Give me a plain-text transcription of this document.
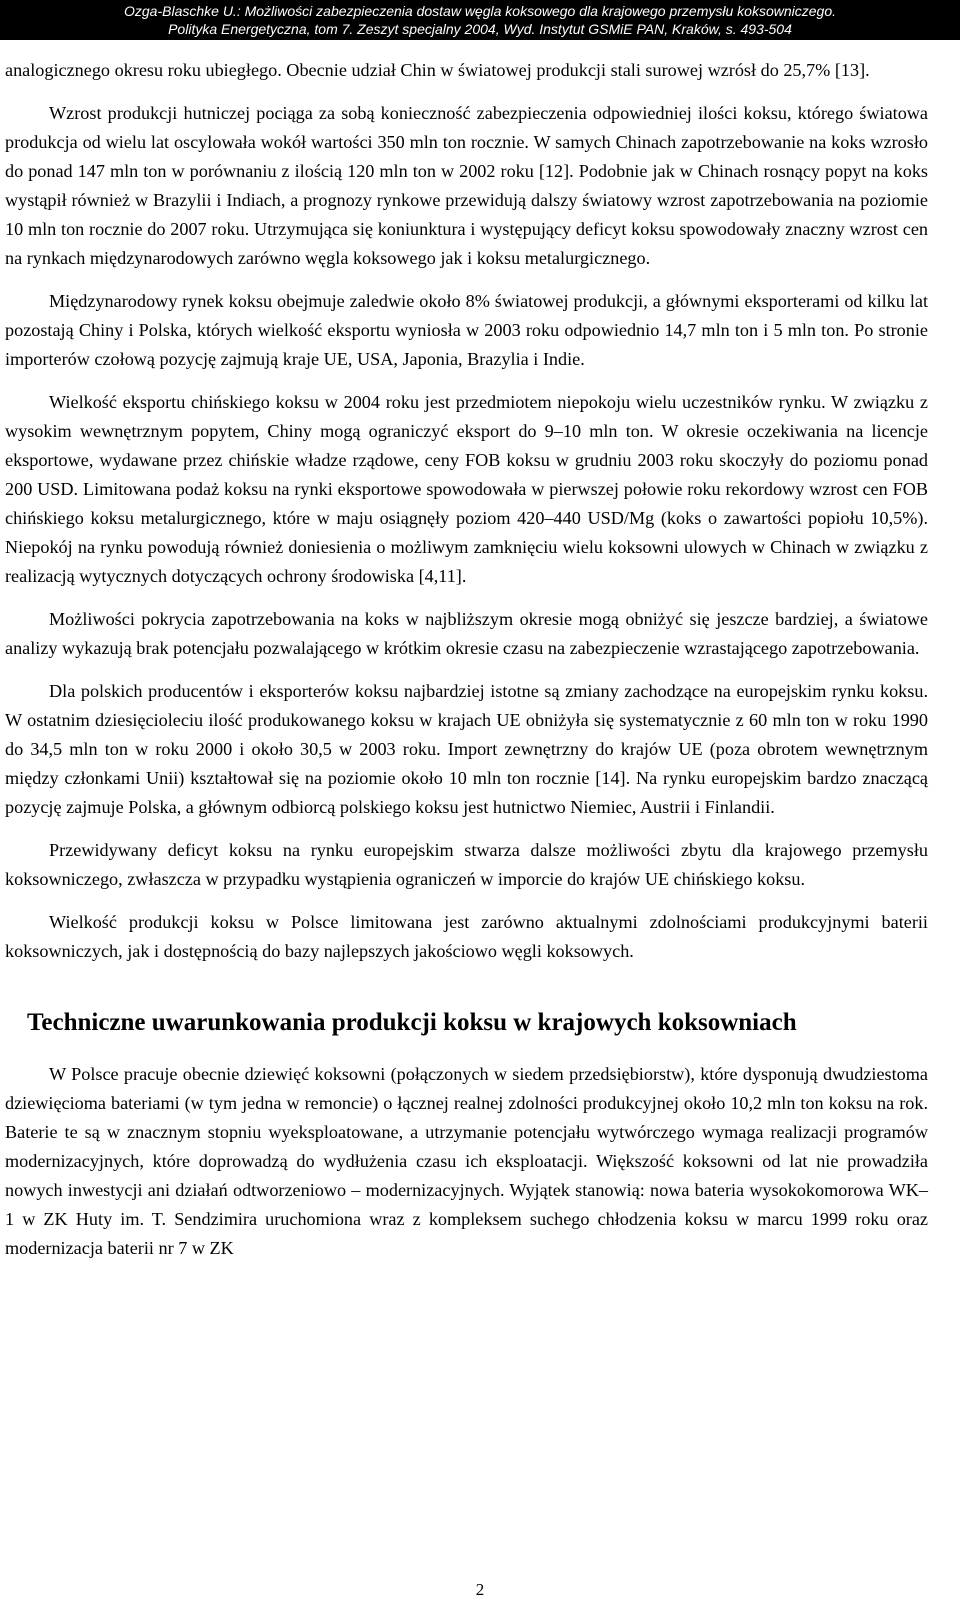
Ozga-Blaschke U.: Możliwości zabezpieczenia dostaw węgla koksowego dla krajowego przemysłu koksowniczego.
Polityka Energetyczna, tom 7. Zeszyt specjalny 2004, Wyd. Instytut GSMiE PAN, Kraków, s. 493-504

analogicznego okresu roku ubiegłego. Obecnie udział Chin w światowej produkcji stali surowej wzrósł do 25,7% [13].

Wzrost produkcji hutniczej pociąga za sobą konieczność zabezpieczenia odpowiedniej ilości koksu, którego światowa produkcja od wielu lat oscylowała wokół wartości 350 mln ton rocznie. W samych Chinach zapotrzebowanie na koks wzrosło do ponad 147 mln ton w porównaniu z ilością 120 mln ton w 2002 roku [12]. Podobnie jak w Chinach rosnący popyt na koks wystąpił również w Brazylii i Indiach, a prognozy rynkowe przewidują dalszy światowy wzrost zapotrzebowania na poziomie 10 mln ton rocznie do 2007 roku. Utrzymująca się koniunktura i występujący deficyt koksu spowodowały znaczny wzrost cen na rynkach międzynarodowych zarówno węgla koksowego jak i koksu metalurgicznego.

Międzynarodowy rynek koksu obejmuje zaledwie około 8% światowej produkcji, a głównymi eksporterami od kilku lat pozostają Chiny i Polska, których wielkość eksportu wyniosła w 2003 roku odpowiednio 14,7 mln ton i 5 mln ton. Po stronie importerów czołową pozycję zajmują kraje UE, USA, Japonia, Brazylia i Indie.

Wielkość eksportu chińskiego koksu w 2004 roku jest przedmiotem niepokoju wielu uczestników rynku. W związku z wysokim wewnętrznym popytem, Chiny mogą ograniczyć eksport do 9–10 mln ton. W okresie oczekiwania na licencje eksportowe, wydawane przez chińskie władze rządowe, ceny FOB koksu w grudniu 2003 roku skoczyły do poziomu ponad 200 USD. Limitowana podaż koksu na rynki eksportowe spowodowała w pierwszej połowie roku rekordowy wzrost cen FOB chińskiego koksu metalurgicznego, które w maju osiągnęły poziom 420–440 USD/Mg (koks o zawartości popiołu 10,5%). Niepokój na rynku powodują również doniesienia o możliwym zamknięciu wielu koksowni ulowych w Chinach w związku z realizacją wytycznych dotyczących ochrony środowiska [4,11].

Możliwości pokrycia zapotrzebowania na koks w najbliższym okresie mogą obniżyć się jeszcze bardziej, a światowe analizy wykazują brak potencjału pozwalającego w krótkim okresie czasu na zabezpieczenie wzrastającego zapotrzebowania.

Dla polskich producentów i eksporterów koksu najbardziej istotne są zmiany zachodzące na europejskim rynku koksu. W ostatnim dziesięcioleciu ilość produkowanego koksu w krajach UE obniżyła się systematycznie z 60 mln ton w roku 1990 do 34,5 mln ton w roku 2000 i około 30,5 w 2003 roku. Import zewnętrzny do krajów UE (poza obrotem wewnętrznym między członkami Unii) kształtował się na poziomie około 10 mln ton rocznie [14]. Na rynku europejskim bardzo znaczącą pozycję zajmuje Polska, a głównym odbiorcą polskiego koksu jest hutnictwo Niemiec, Austrii i Finlandii.

Przewidywany deficyt koksu na rynku europejskim stwarza dalsze możliwości zbytu dla krajowego przemysłu koksowniczego, zwłaszcza w przypadku wystąpienia ograniczeń w imporcie do krajów UE chińskiego koksu.

Wielkość produkcji koksu w Polsce limitowana jest zarówno aktualnymi zdolnościami produkcyjnymi baterii koksowniczych, jak i dostępnością do bazy najlepszych jakościowo węgli koksowych.

Techniczne uwarunkowania produkcji koksu w krajowych koksowniach

W Polsce pracuje obecnie dziewięć koksowni (połączonych w siedem przedsiębiorstw), które dysponują dwudziestoma dziewięcioma bateriami (w tym jedna w remoncie) o łącznej realnej zdolności produkcyjnej około 10,2 mln ton koksu na rok. Baterie te są w znacznym stopniu wyeksploatowane, a utrzymanie potencjału wytwórczego wymaga realizacji programów modernizacyjnych, które doprowadzą do wydłużenia czasu ich eksploatacji. Większość koksowni od lat nie prowadziła nowych inwestycji ani działań odtworzeniowo – modernizacyjnych. Wyjątek stanowią: nowa bateria wysokokomorowa WK–1 w ZK Huty im. T. Sendzimira uruchomiona wraz z kompleksem suchego chłodzenia koksu w marcu 1999 roku oraz modernizacja baterii nr 7 w ZK

2
